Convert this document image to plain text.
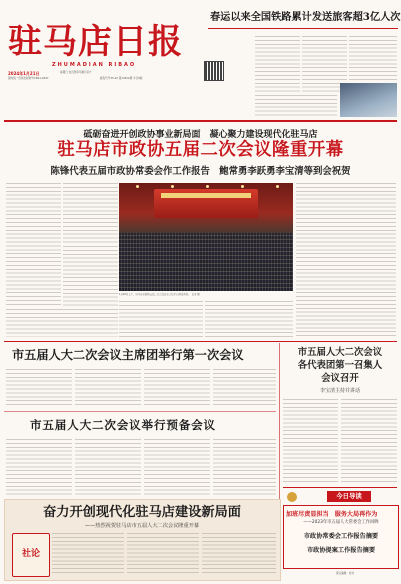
驻马店日报
ZHUMADIAN RIBAO
2024年1月21日	星期日 农历癸卯年腊月初十
国内统一连续出版物号CN41-0047	邮发代号35-20 第13622期 今日8版
春运以来全国铁路累计发送旅客超3亿人次
砥砺奋进开创政协事业新局面　凝心聚力建设现代化驻马店
驻马店市政协五届二次会议隆重开幕
陈锋代表五届市政协常委会作工作报告　鲍常勇李跃勇李宝清等到会祝贺
1月20日上午，驻马店市政协五届二次会议在市会议中心隆重开幕。　记者 摄
市五届人大二次会议主席团举行第一次会议
市五届人大二次会议举行预备会议
市五届人大二次会议
各代表团第一召集人
会议召开
李宝清主持并讲话
奋力开创现代化驻马店建设新局面
——热烈祝贺驻马店市五届人大二次会议隆重开幕
社论
今日导读
加班尽责显担当　服务大局再作为
——2023年市五届人大常委会工作回眸
市政协常委会工作报告摘要
市政协提案工作报告摘要
责任编辑　校对
